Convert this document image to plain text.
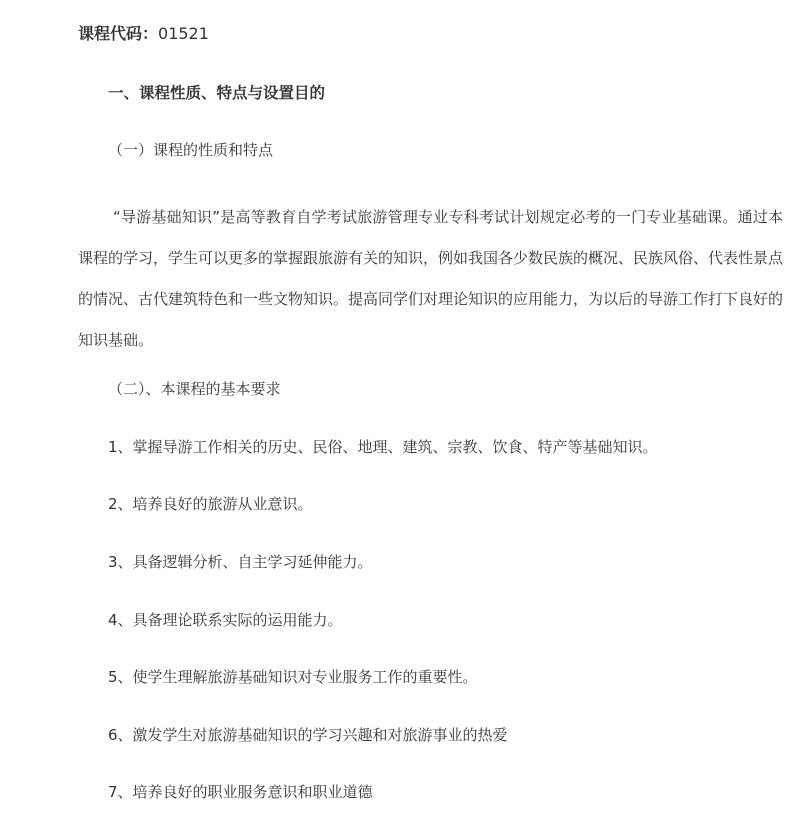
课程代码：01521
一、课程性质、特点与设置目的
（一）课程的性质和特点
“导游基础知识”是高等教育自学考试旅游管理专业专科考试计划规定必考的一门专业基础课。通过本课程的学习，学生可以更多的掌握跟旅游有关的知识，例如我国各少数民族的概况、民族风俗、代表性景点的情况、古代建筑特色和一些文物知识。提高同学们对理论知识的应用能力，为以后的导游工作打下良好的知识基础。
（二）、本课程的基本要求
1、掌握导游工作相关的历史、民俗、地理、建筑、宗教、饮食、特产等基础知识。
2、培养良好的旅游从业意识。
3、具备逻辑分析、自主学习延伸能力。
4、具备理论联系实际的运用能力。
5、使学生理解旅游基础知识对专业服务工作的重要性。
6、激发学生对旅游基础知识的学习兴趣和对旅游事业的热爱
7、培养良好的职业服务意识和职业道德
